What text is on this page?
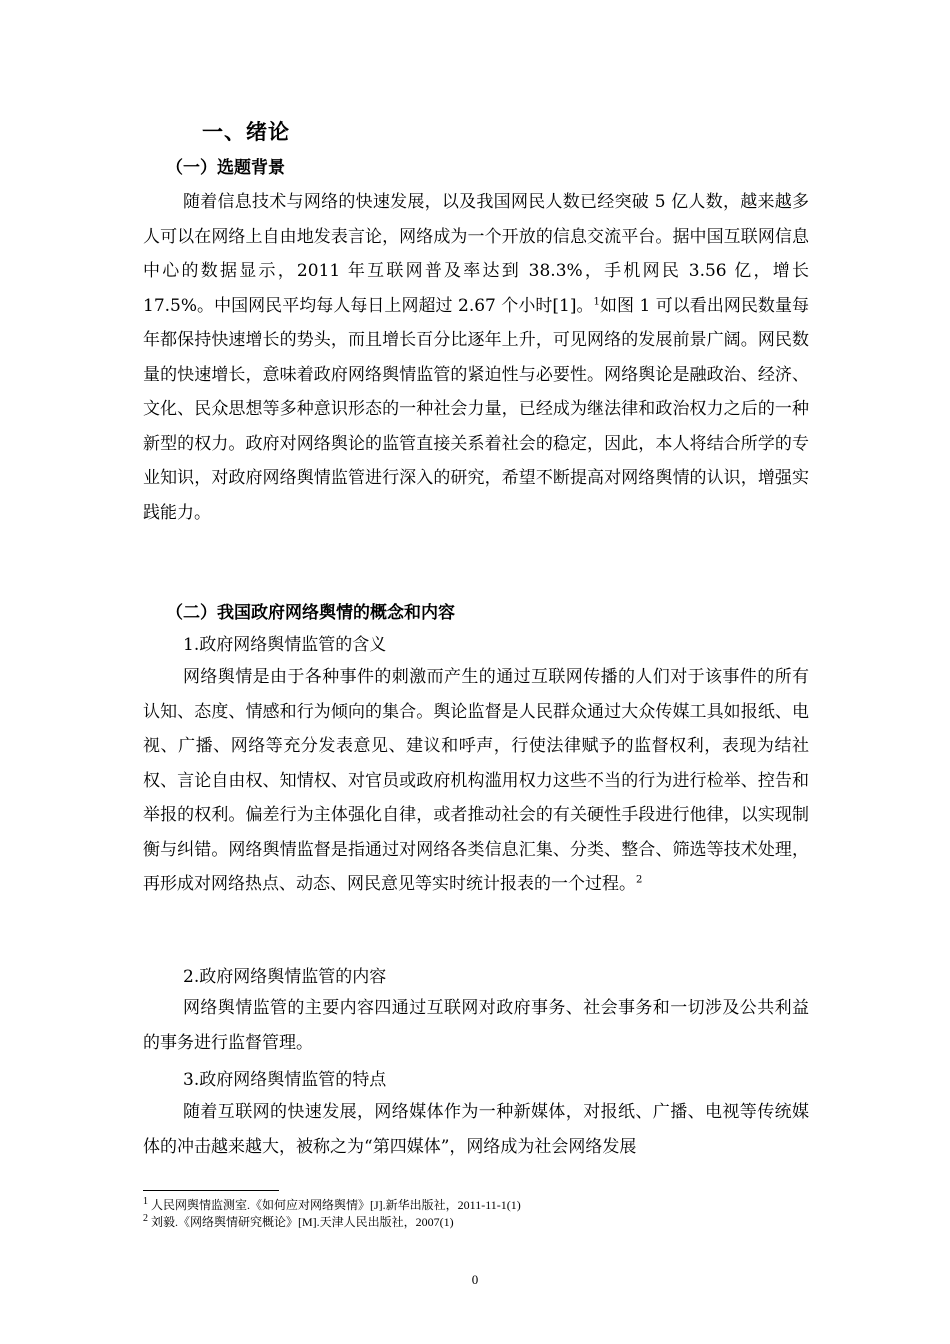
一、绪论
（一）选题背景

随着信息技术与网络的快速发展，以及我国网民人数已经突破 5 亿人数，越来越多人可以在网络上自由地发表言论，网络成为一个开放的信息交流平台。据中国互联网信息中心的数据显示，2011 年互联网普及率达到 38.3%，手机网民 3.56 亿，增长 17.5%。中国网民平均每人每日上网超过 2.67 个小时[1]。$^1$如图 1 可以看出网民数量每年都保持快速增长的势头，而且增长百分比逐年上升，可见网络的发展前景广阔。网民数量的快速增长，意味着政府网络舆情监管的紧迫性与必要性。网络舆论是融政治、经济、文化、民众思想等多种意识形态的一种社会力量，已经成为继法律和政治权力之后的一种新型的权力。政府对网络舆论的监管直接关系着社会的稳定，因此，本人将结合所学的专业知识，对政府网络舆情监管进行深入的研究，希望不断提高对网络舆情的认识，增强实践能力。

（二）我国政府网络舆情的概念和内容
1.政府网络舆情监管的含义

网络舆情是由于各种事件的刺激而产生的通过互联网传播的人们对于该事件的所有认知、态度、情感和行为倾向的集合。舆论监督是人民群众通过大众传媒工具如报纸、电视、广播、网络等充分发表意见、建议和呼声，行使法律赋予的监督权利，表现为结社权、言论自由权、知情权、对官员或政府机构滥用权力这些不当的行为进行检举、控告和举报的权利。偏差行为主体强化自律，或者推动社会的有关硬性手段进行他律，以实现制衡与纠错。网络舆情监督是指通过对网络各类信息汇集、分类、整合、筛选等技术处理，再形成对网络热点、动态、网民意见等实时统计报表的一个过程。$^2$

2.政府网络舆情监管的内容

网络舆情监管的主要内容四通过互联网对政府事务、社会事务和一切涉及公共利益的事务进行监督管理。

3.政府网络舆情监管的特点

随着互联网的快速发展，网络媒体作为一种新媒体，对报纸、广播、电视等传统媒体的冲击越来越大，被称之为“第四媒体”，网络成为社会网络发展

$^1$ 人民网舆情监测室.《如何应对网络舆情》[J].新华出版社，2011-11-1(1)
$^2$ 刘毅.《网络舆情研究概论》[M].天津人民出版社，2007(1)
0
